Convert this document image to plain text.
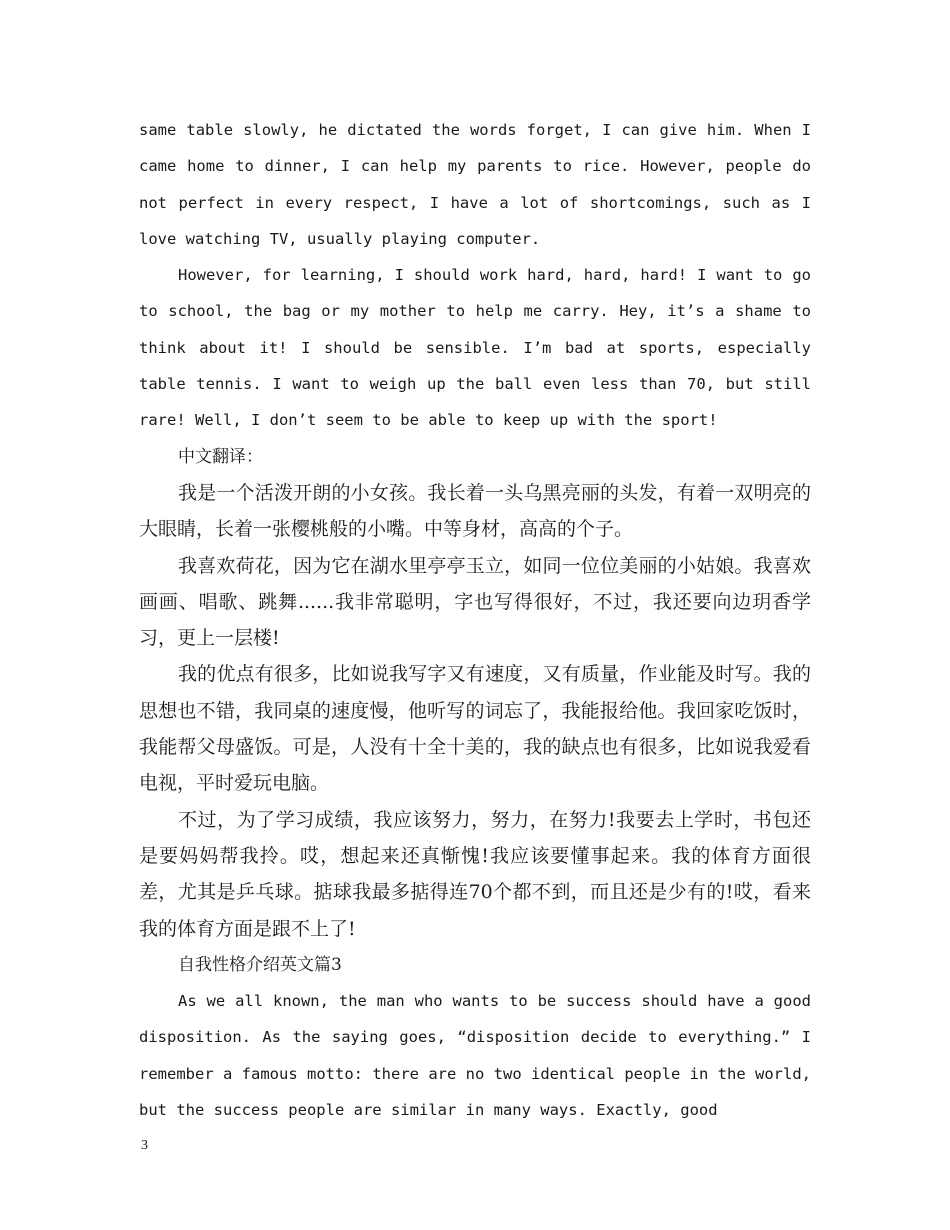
same table slowly, he dictated the words forget, I can give him. When I came home to dinner, I can help my parents to rice. However, people do not perfect in every respect, I have a lot of shortcomings, such as I love watching TV, usually playing computer.

However, for learning, I should work hard, hard, hard! I want to go to school, the bag or my mother to help me carry. Hey, it’s a shame to think about it! I should be sensible. I’m bad at sports, especially table tennis. I want to weigh up the ball even less than 70, but still rare! Well, I don’t seem to be able to keep up with the sport!

中文翻译：

我是一个活泼开朗的小女孩。我长着一头乌黑亮丽的头发，有着一双明亮的大眼睛，长着一张樱桃般的小嘴。中等身材，高高的个子。

我喜欢荷花，因为它在湖水里亭亭玉立，如同一位位美丽的小姑娘。我喜欢画画、唱歌、跳舞......我非常聪明，字也写得很好，不过，我还要向边玥香学习，更上一层楼!

我的优点有很多，比如说我写字又有速度，又有质量，作业能及时写。我的思想也不错，我同桌的速度慢，他听写的词忘了，我能报给他。我回家吃饭时，我能帮父母盛饭。可是，人没有十全十美的，我的缺点也有很多，比如说我爱看电视，平时爱玩电脑。

不过，为了学习成绩，我应该努力，努力，在努力!我要去上学时，书包还是要妈妈帮我拎。哎，想起来还真惭愧!我应该要懂事起来。我的体育方面很差，尤其是乒乓球。掂球我最多掂得连70个都不到，而且还是少有的!哎，看来我的体育方面是跟不上了!

自我性格介绍英文篇3

As we all known, the man who wants to be success should have a good disposition. As the saying goes, “disposition decide to everything.” I remember a famous motto: there are no two identical people in the world, but the success people are similar in many ways. Exactly, good

3
